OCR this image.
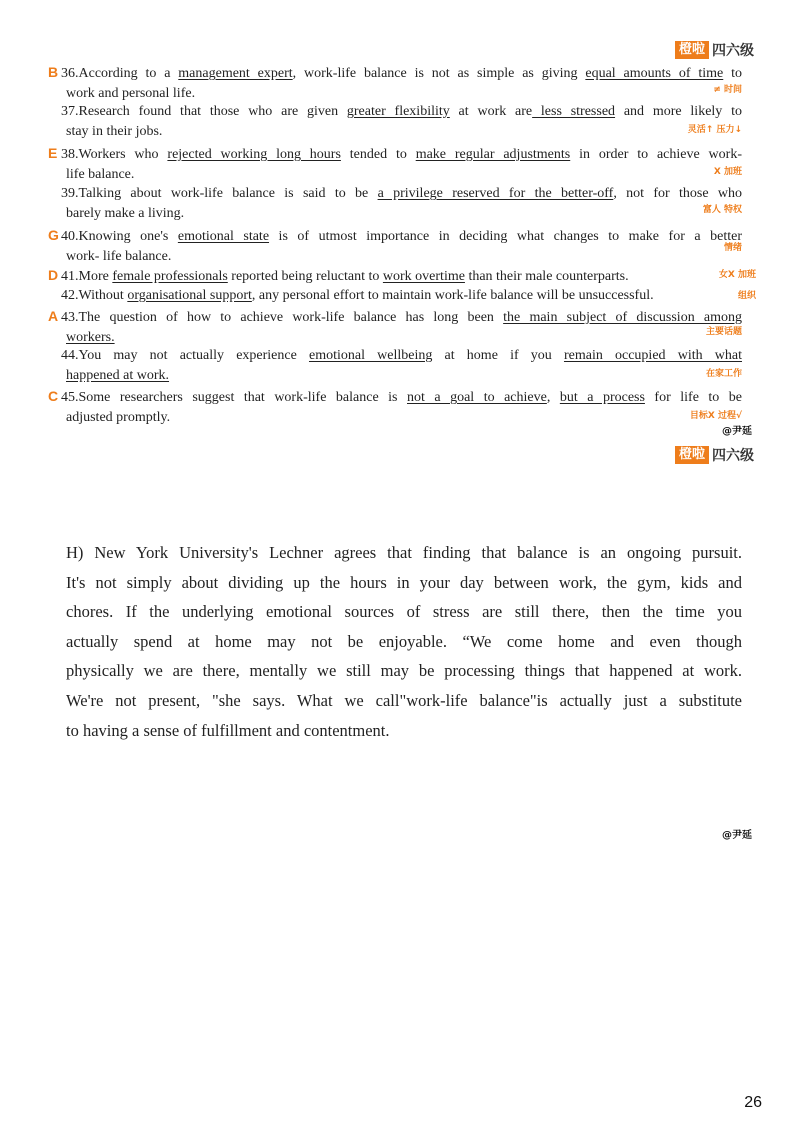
橙啦 四六级
B 36.According to a management expert, work-life balance is not as simple as giving equal amounts of time to
work and personal life.
37.Research found that those who are given greater flexibility at work are less stressed and more likely to
stay in their jobs.
E 38.Workers who rejected working long hours tended to make regular adjustments in order to achieve work-
life balance.
39.Talking about work-life balance is said to be a privilege reserved for the better-off, not for those who
barely make a living.
G 40.Knowing one's emotional state is of utmost importance in deciding what changes to make for a better
work- life balance.
D 41.More female professionals reported being reluctant to work overtime than their male counterparts.
42.Without organisational support, any personal effort to maintain work-life balance will be unsuccessful.
A 43.The question of how to achieve work-life balance has long been the main subject of discussion among
workers.
44.You may not actually experience emotional wellbeing at home if you remain occupied with what
happened at work.
C 45.Some researchers suggest that work-life balance is not a goal to achieve, but a process for life to be
adjusted promptly.
≠ 时间
灵活↑ 压力↓
X 加班
富人 特权
情绪
女X 加班
组织
主要话题
在家工作
目标X 过程√
@尹延
橙啦 四六级
H) New York University's Lechner agrees that finding that balance is an ongoing pursuit.
It's not simply about dividing up the hours in your day between work, the gym, kids and
chores. If the underlying emotional sources of stress are still there, then the time you
actually spend at home may not be enjoyable. “We come home and even though
physically we are there, mentally we still may be processing things that happened at work.
We're not present, "she says. What we call"work-life balance"is actually just a substitute
to having a sense of fulfillment and contentment.
@尹延
26
